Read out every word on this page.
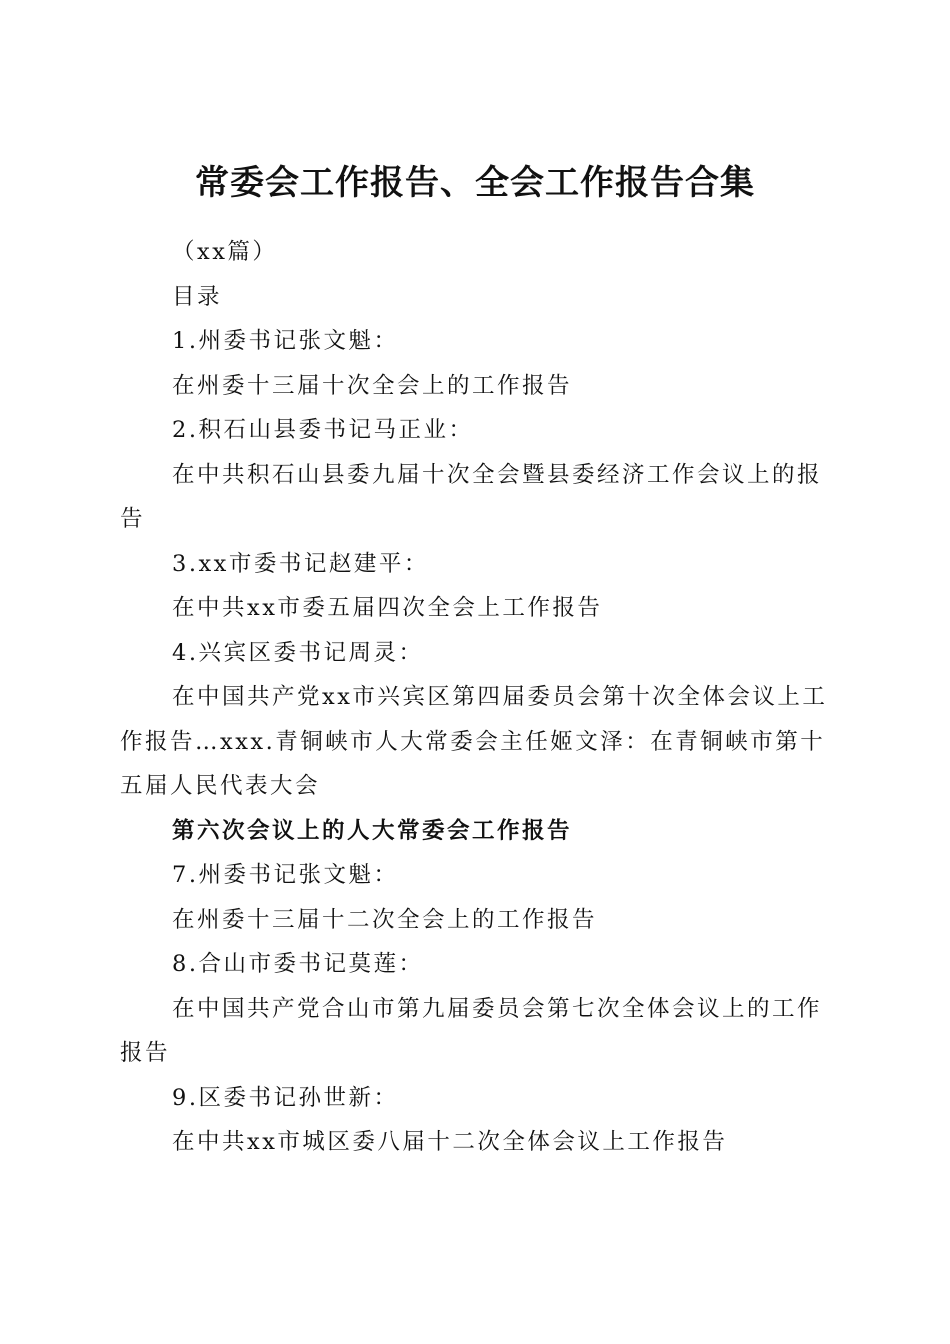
常委会工作报告、全会工作报告合集

（xx篇）

目录

1.州委书记张文魁：

在州委十三届十次全会上的工作报告

2.积石山县委书记马正业：

在中共积石山县委九届十次全会暨县委经济工作会议上的报告

3.xx市委书记赵建平：

在中共xx市委五届四次全会上工作报告

4.兴宾区委书记周灵：

在中国共产党xx市兴宾区第四届委员会第十次全体会议上工作报告…xxx.青铜峡市人大常委会主任姬文泽：在青铜峡市第十五届人民代表大会

第六次会议上的人大常委会工作报告

7.州委书记张文魁：

在州委十三届十二次全会上的工作报告

8.合山市委书记莫莲：

在中国共产党合山市第九届委员会第七次全体会议上的工作报告

9.区委书记孙世新：

在中共xx市城区委八届十二次全体会议上工作报告
